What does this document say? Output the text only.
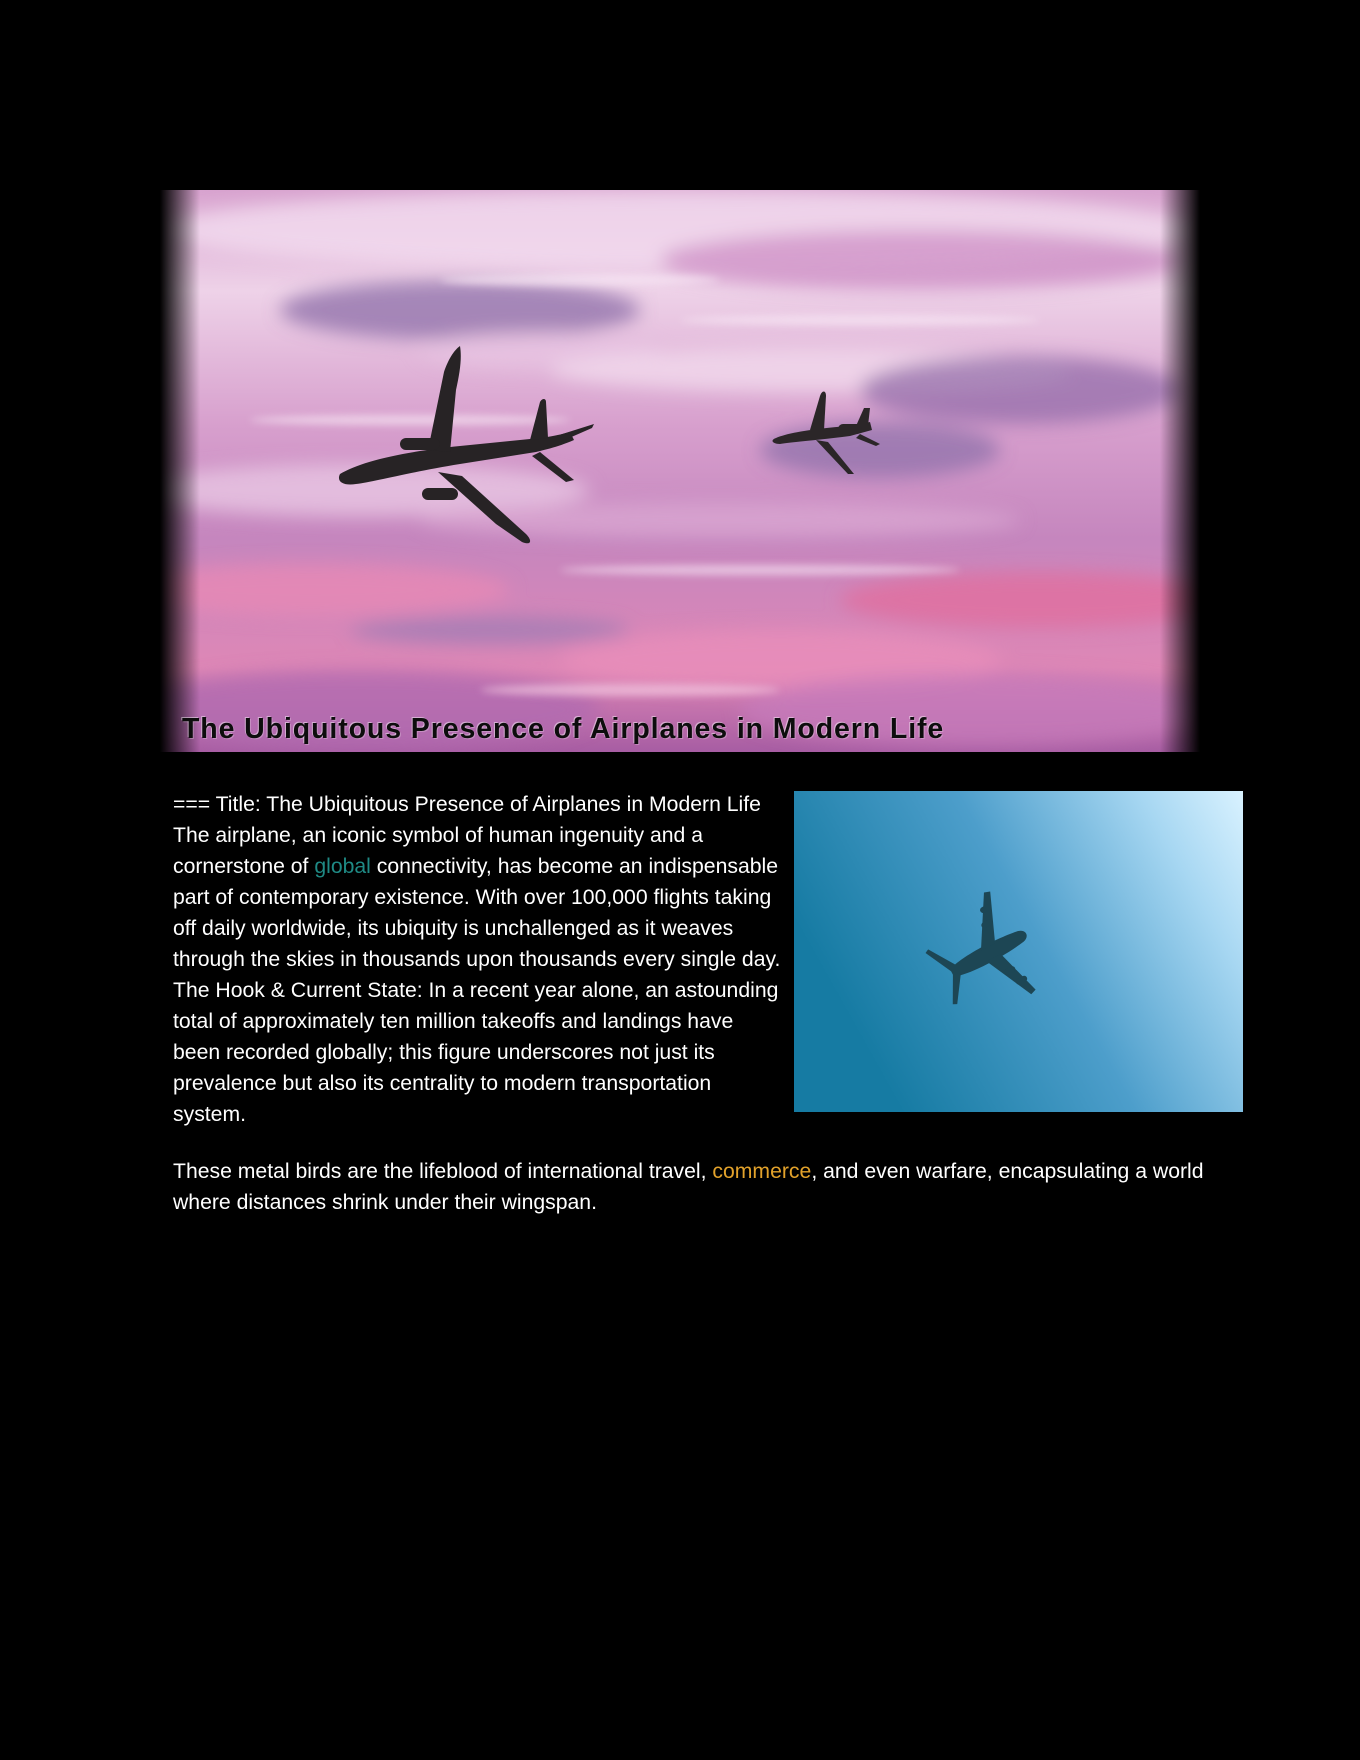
The Ubiquitous Presence of Airplanes in Modern Life

=== Title: The Ubiquitous Presence of Airplanes in Modern Life The airplane, an iconic symbol of human ingenuity and a cornerstone of global connectivity, has become an indispensable part of contemporary existence. With over 100,000 flights taking off daily worldwide, its ubiquity is unchallenged as it weaves through the skies in thousands upon thousands every single day. The Hook & Current State: In a recent year alone, an astounding total of approximately ten million takeoffs and landings have been recorded globally; this figure underscores not just its prevalence but also its centrality to modern transportation system.

These metal birds are the lifeblood of international travel, commerce, and even warfare, encapsulating a world where distances shrink under their wingspan.
